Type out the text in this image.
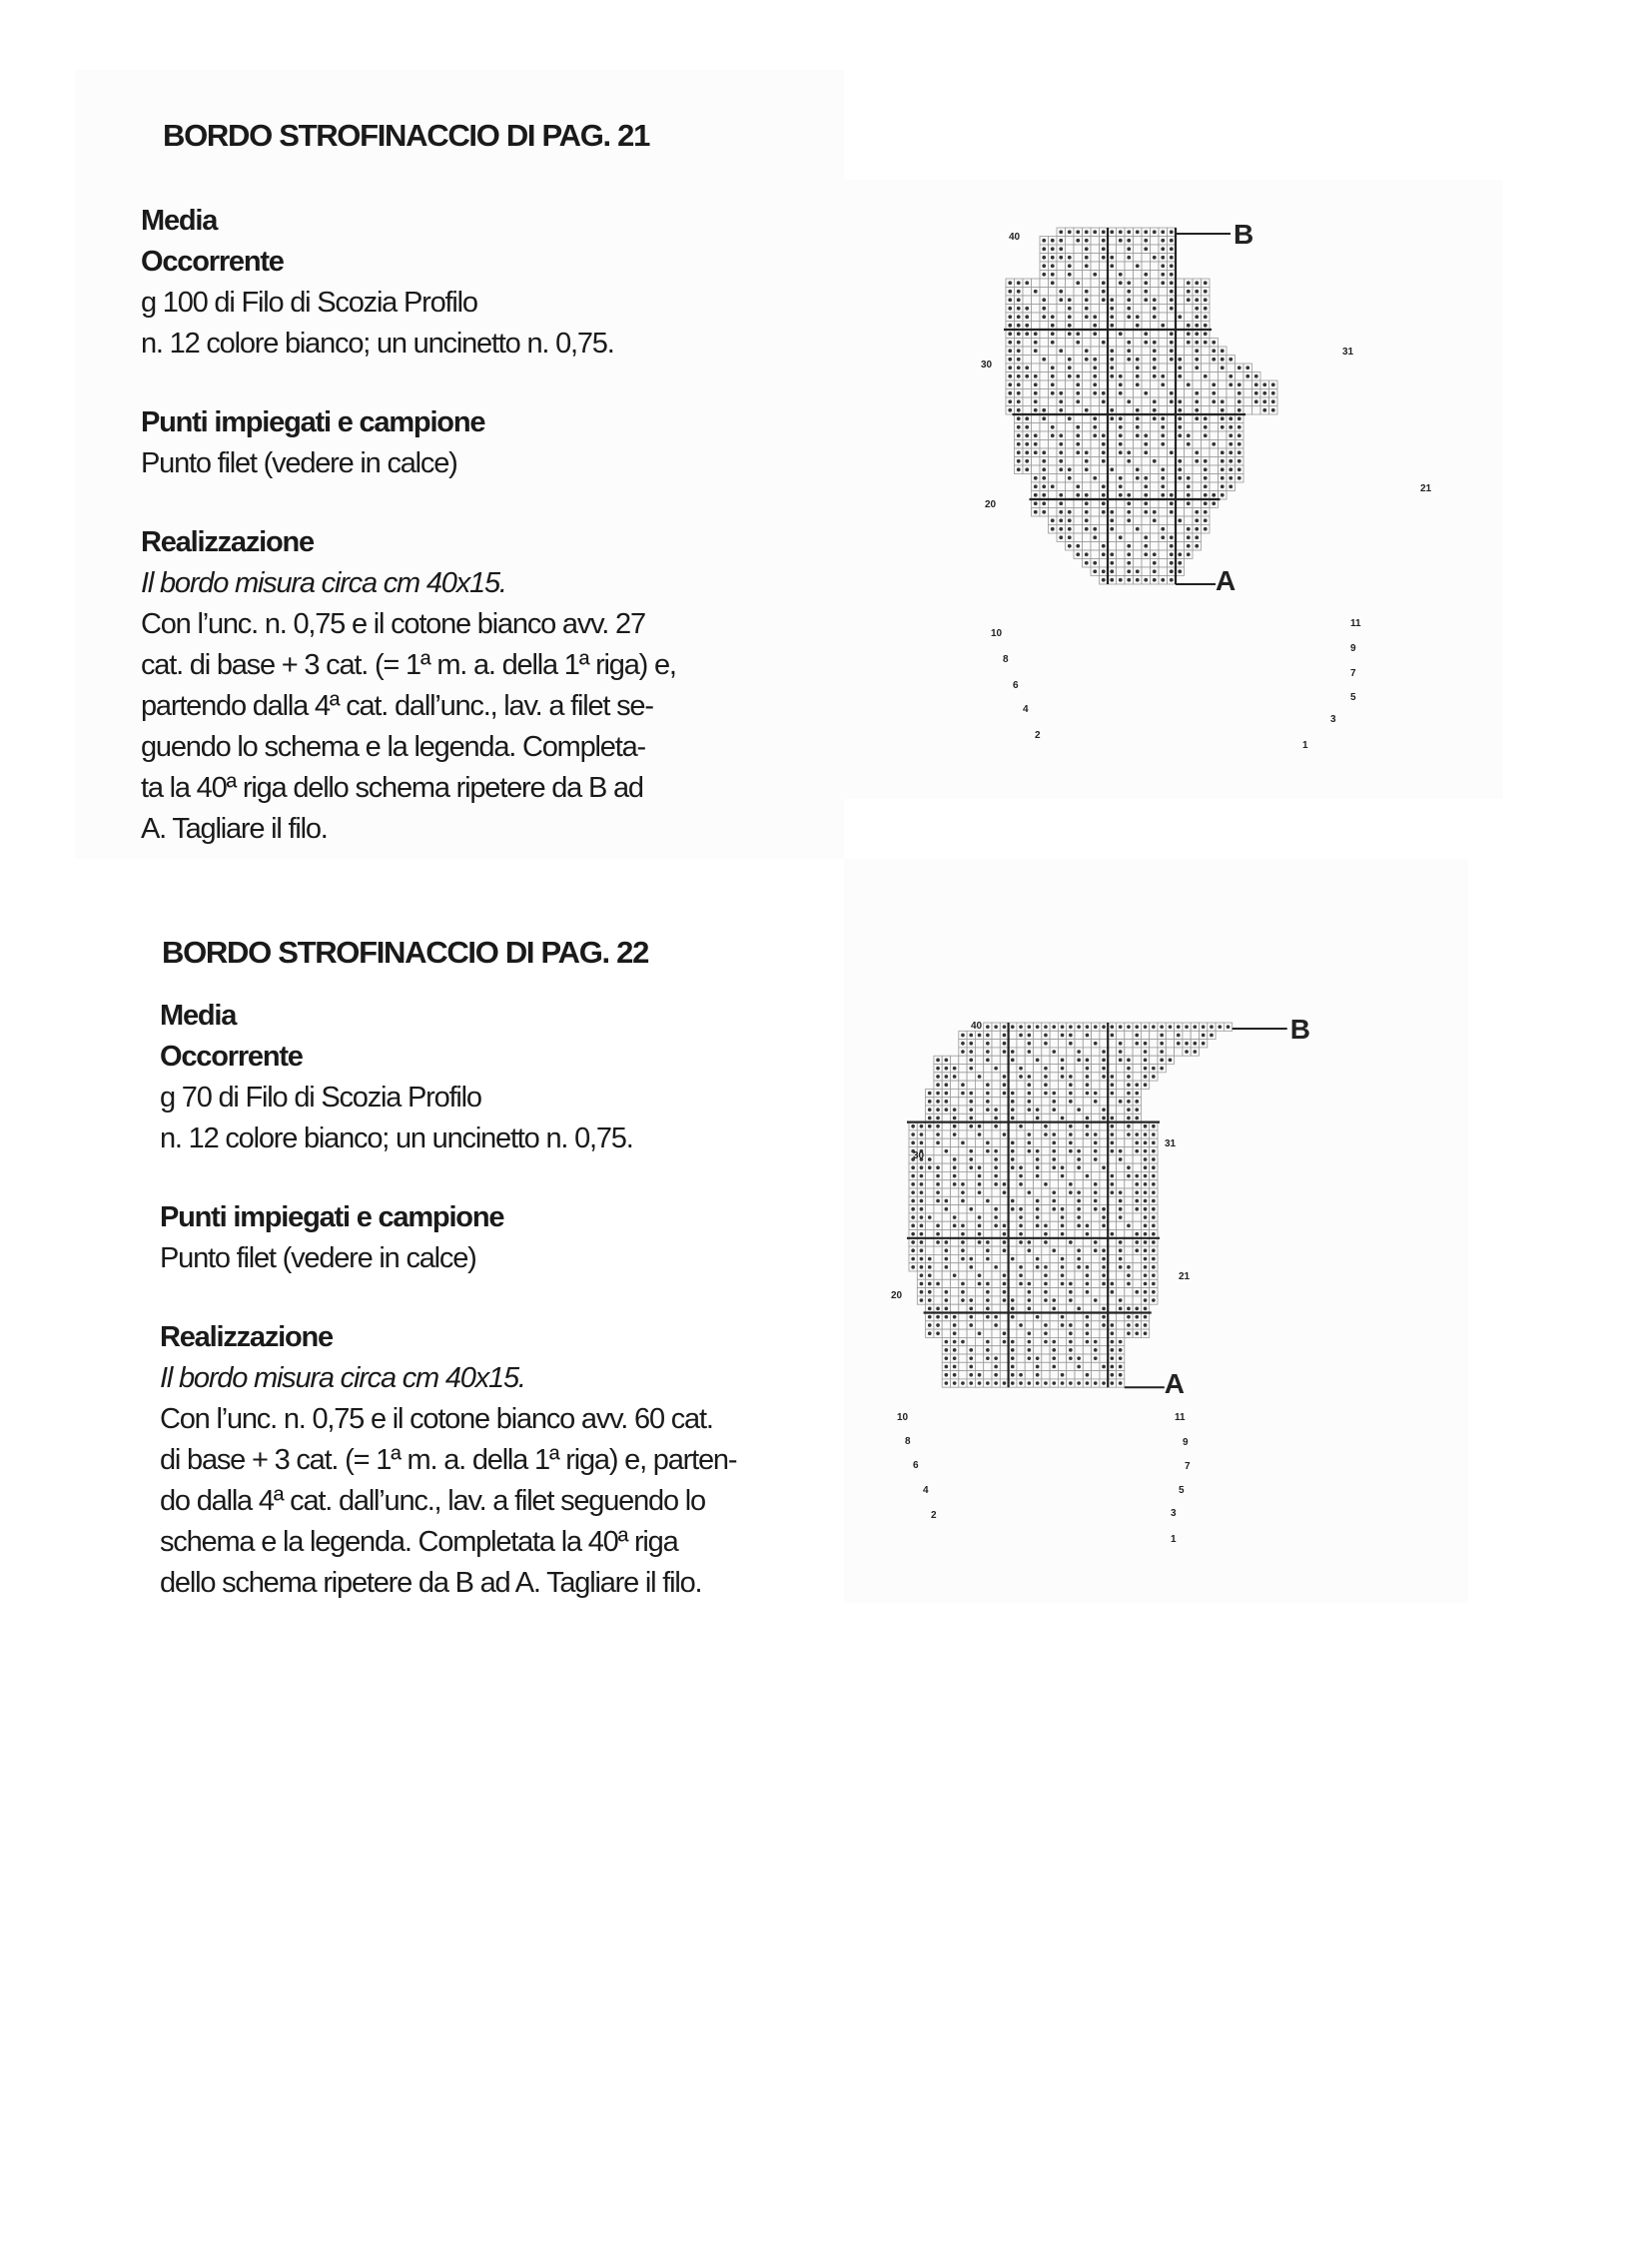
BORDO STROFINACCIO DI PAG. 21
Media
Occorrente
g 100 di Filo di Scozia Profilo
n. 12 colore bianco; un uncinetto n. 0,75.
Punti impiegati e campione
Punto filet (vedere in calce)
Realizzazione
Il bordo misura circa cm 40x15.
Con l’unc. n. 0,75 e il cotone bianco avv. 27
cat. di base + 3 cat. (= 1ª m. a. della 1ª riga) e,
partendo dalla 4ª cat. dall’unc., lav. a filet se-
guendo lo schema e la legenda. Completa-
ta la 40ª riga dello schema ripetere da B ad
A. Tagliare il filo.
BORDO STROFINACCIO DI PAG. 22
Media
Occorrente
g 70 di Filo di Scozia Profilo
n. 12 colore bianco; un uncinetto n. 0,75.
Punti impiegati e campione
Punto filet (vedere in calce)
Realizzazione
Il bordo misura circa cm 40x15.
Con l’unc. n. 0,75 e il cotone bianco avv. 60 cat.
di base + 3 cat. (= 1ª m. a. della 1ª riga) e, parten-
do dalla 4ª cat. dall’unc., lav. a filet seguendo lo
schema e la legenda. Completata la 40ª riga
dello schema ripetere da B ad A. Tagliare il filo.
B
A
40
30
20
10
8
6
4
2
31
21
11
9
7
5
3
1
B
A
40
30
20
10
8
6
4
2
31
21
11
9
7
5
3
1
